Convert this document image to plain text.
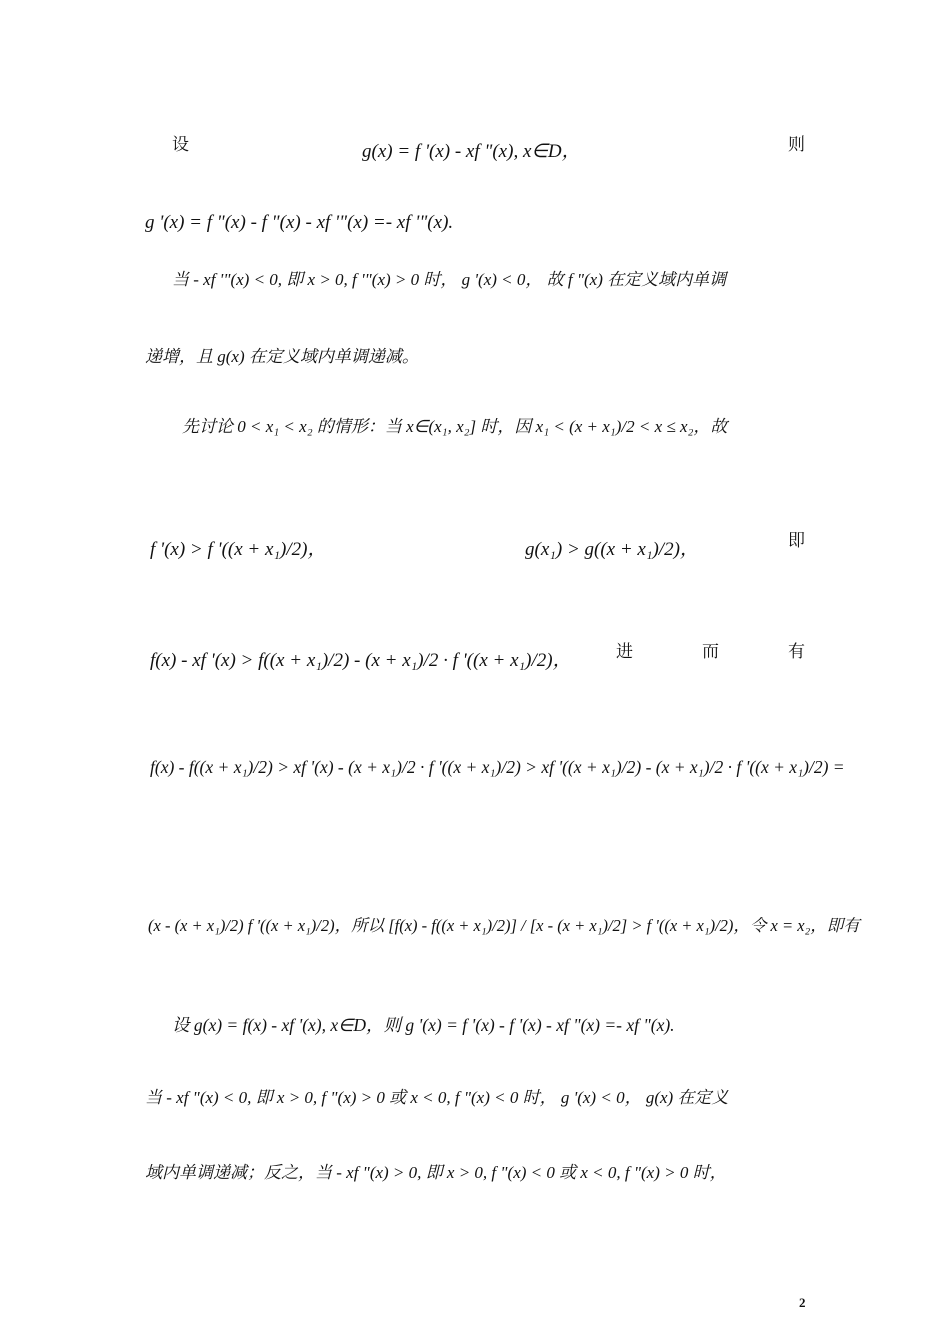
设	g(x) = f '(x) - xf "(x), x∈D，	则
g '(x) = f "(x) - f "(x) - xf '"(x) =- xf '"(x).
当 - xf '"(x) < 0, 即 x > 0, f '"(x) > 0 时， g '(x) < 0， 故 f "(x) 在定义域内单调
递增，且 g(x) 在定义域内单调递减。
先讨论 0 < x₁ < x₂ 的情形：当 x∈(x₁, x₂] 时，因 x₁ < (x + x₁)/2 < x ≤ x₂，故
f '(x) > f '((x + x₁)/2)，	g(x₁) > g((x + x₁)/2)，	即
f(x) - xf '(x) > f((x + x₁)/2) - (x + x₁)/2 · f '((x + x₁)/2)，	进	而	有
f(x) - f((x + x₁)/2) > xf '(x) - (x + x₁)/2 · f '((x + x₁)/2) > xf '((x + x₁)/2) - (x + x₁)/2 · f '((x + x₁)/2) =
(x - (x + x₁)/2) f '((x + x₁)/2)，所以 [f(x) - f((x + x₁)/2)] / [x - (x + x₁)/2] > f '((x + x₁)/2)，令 x = x₂，即有
设 g(x) = f(x) - xf '(x), x∈D，则 g '(x) = f '(x) - f '(x) - xf "(x) =- xf "(x).
当 - xf "(x) < 0, 即 x > 0, f "(x) > 0 或 x < 0, f "(x) < 0 时， g '(x) < 0， g(x) 在定义
域内单调递减；反之，当 - xf "(x) > 0, 即 x > 0, f "(x) < 0 或 x < 0, f "(x) > 0 时，
2
